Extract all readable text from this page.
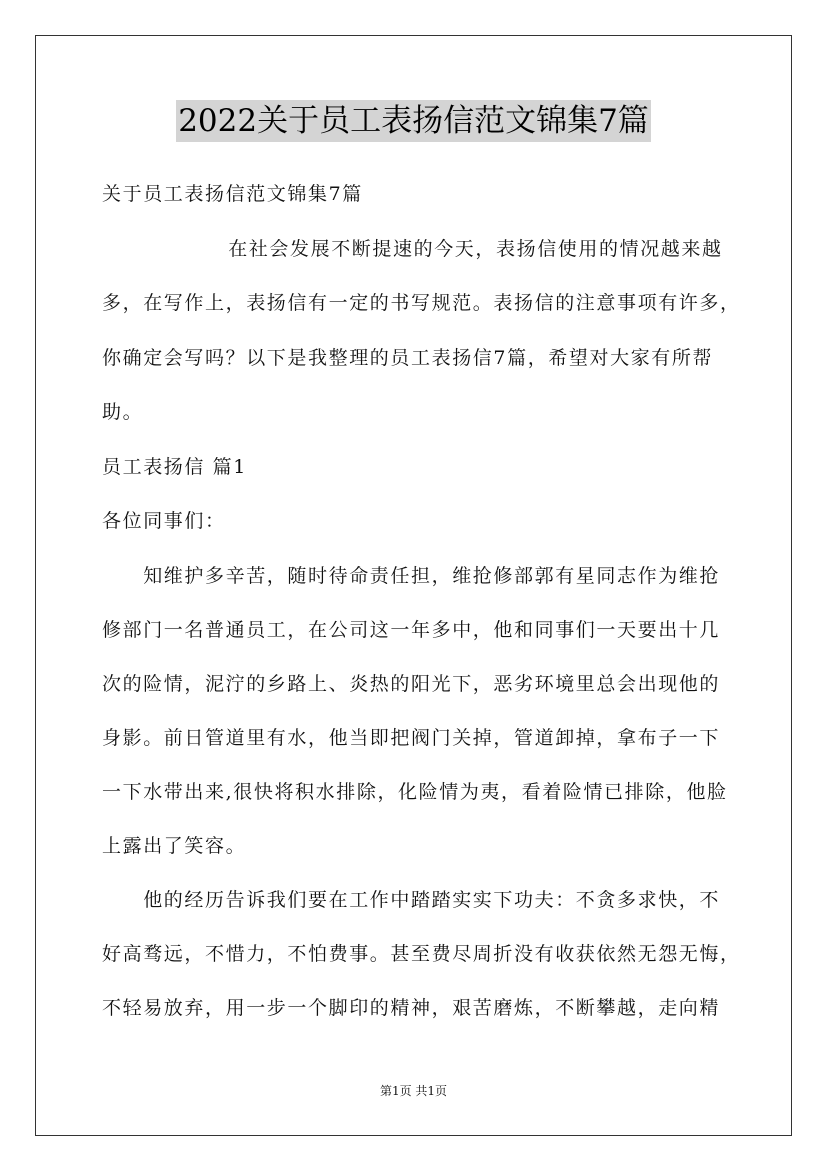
2022关于员工表扬信范文锦集7篇

关于员工表扬信范文锦集7篇

　　在社会发展不断提速的今天，表扬信使用的情况越来越

多，在写作上，表扬信有一定的书写规范。表扬信的注意事项有许多，

你确定会写吗？以下是我整理的员工表扬信7篇，希望对大家有所帮

助。

员工表扬信 篇1

各位同事们：

　　知维护多辛苦，随时待命责任担，维抢修部郭有星同志作为维抢

修部门一名普通员工，在公司这一年多中，他和同事们一天要出十几

次的险情，泥泞的乡路上、炎热的阳光下，恶劣环境里总会出现他的

身影。前日管道里有水，他当即把阀门关掉，管道卸掉，拿布子一下

一下水带出来,很快将积水排除，化险情为夷，看着险情已排除，他脸

上露出了笑容。

　　他的经历告诉我们要在工作中踏踏实实下功夫：不贪多求快，不

好高骛远，不惜力，不怕费事。甚至费尽周折没有收获依然无怨无悔，

不轻易放弃，用一步一个脚印的精神，艰苦磨炼，不断攀越，走向精

第1页 共1页
